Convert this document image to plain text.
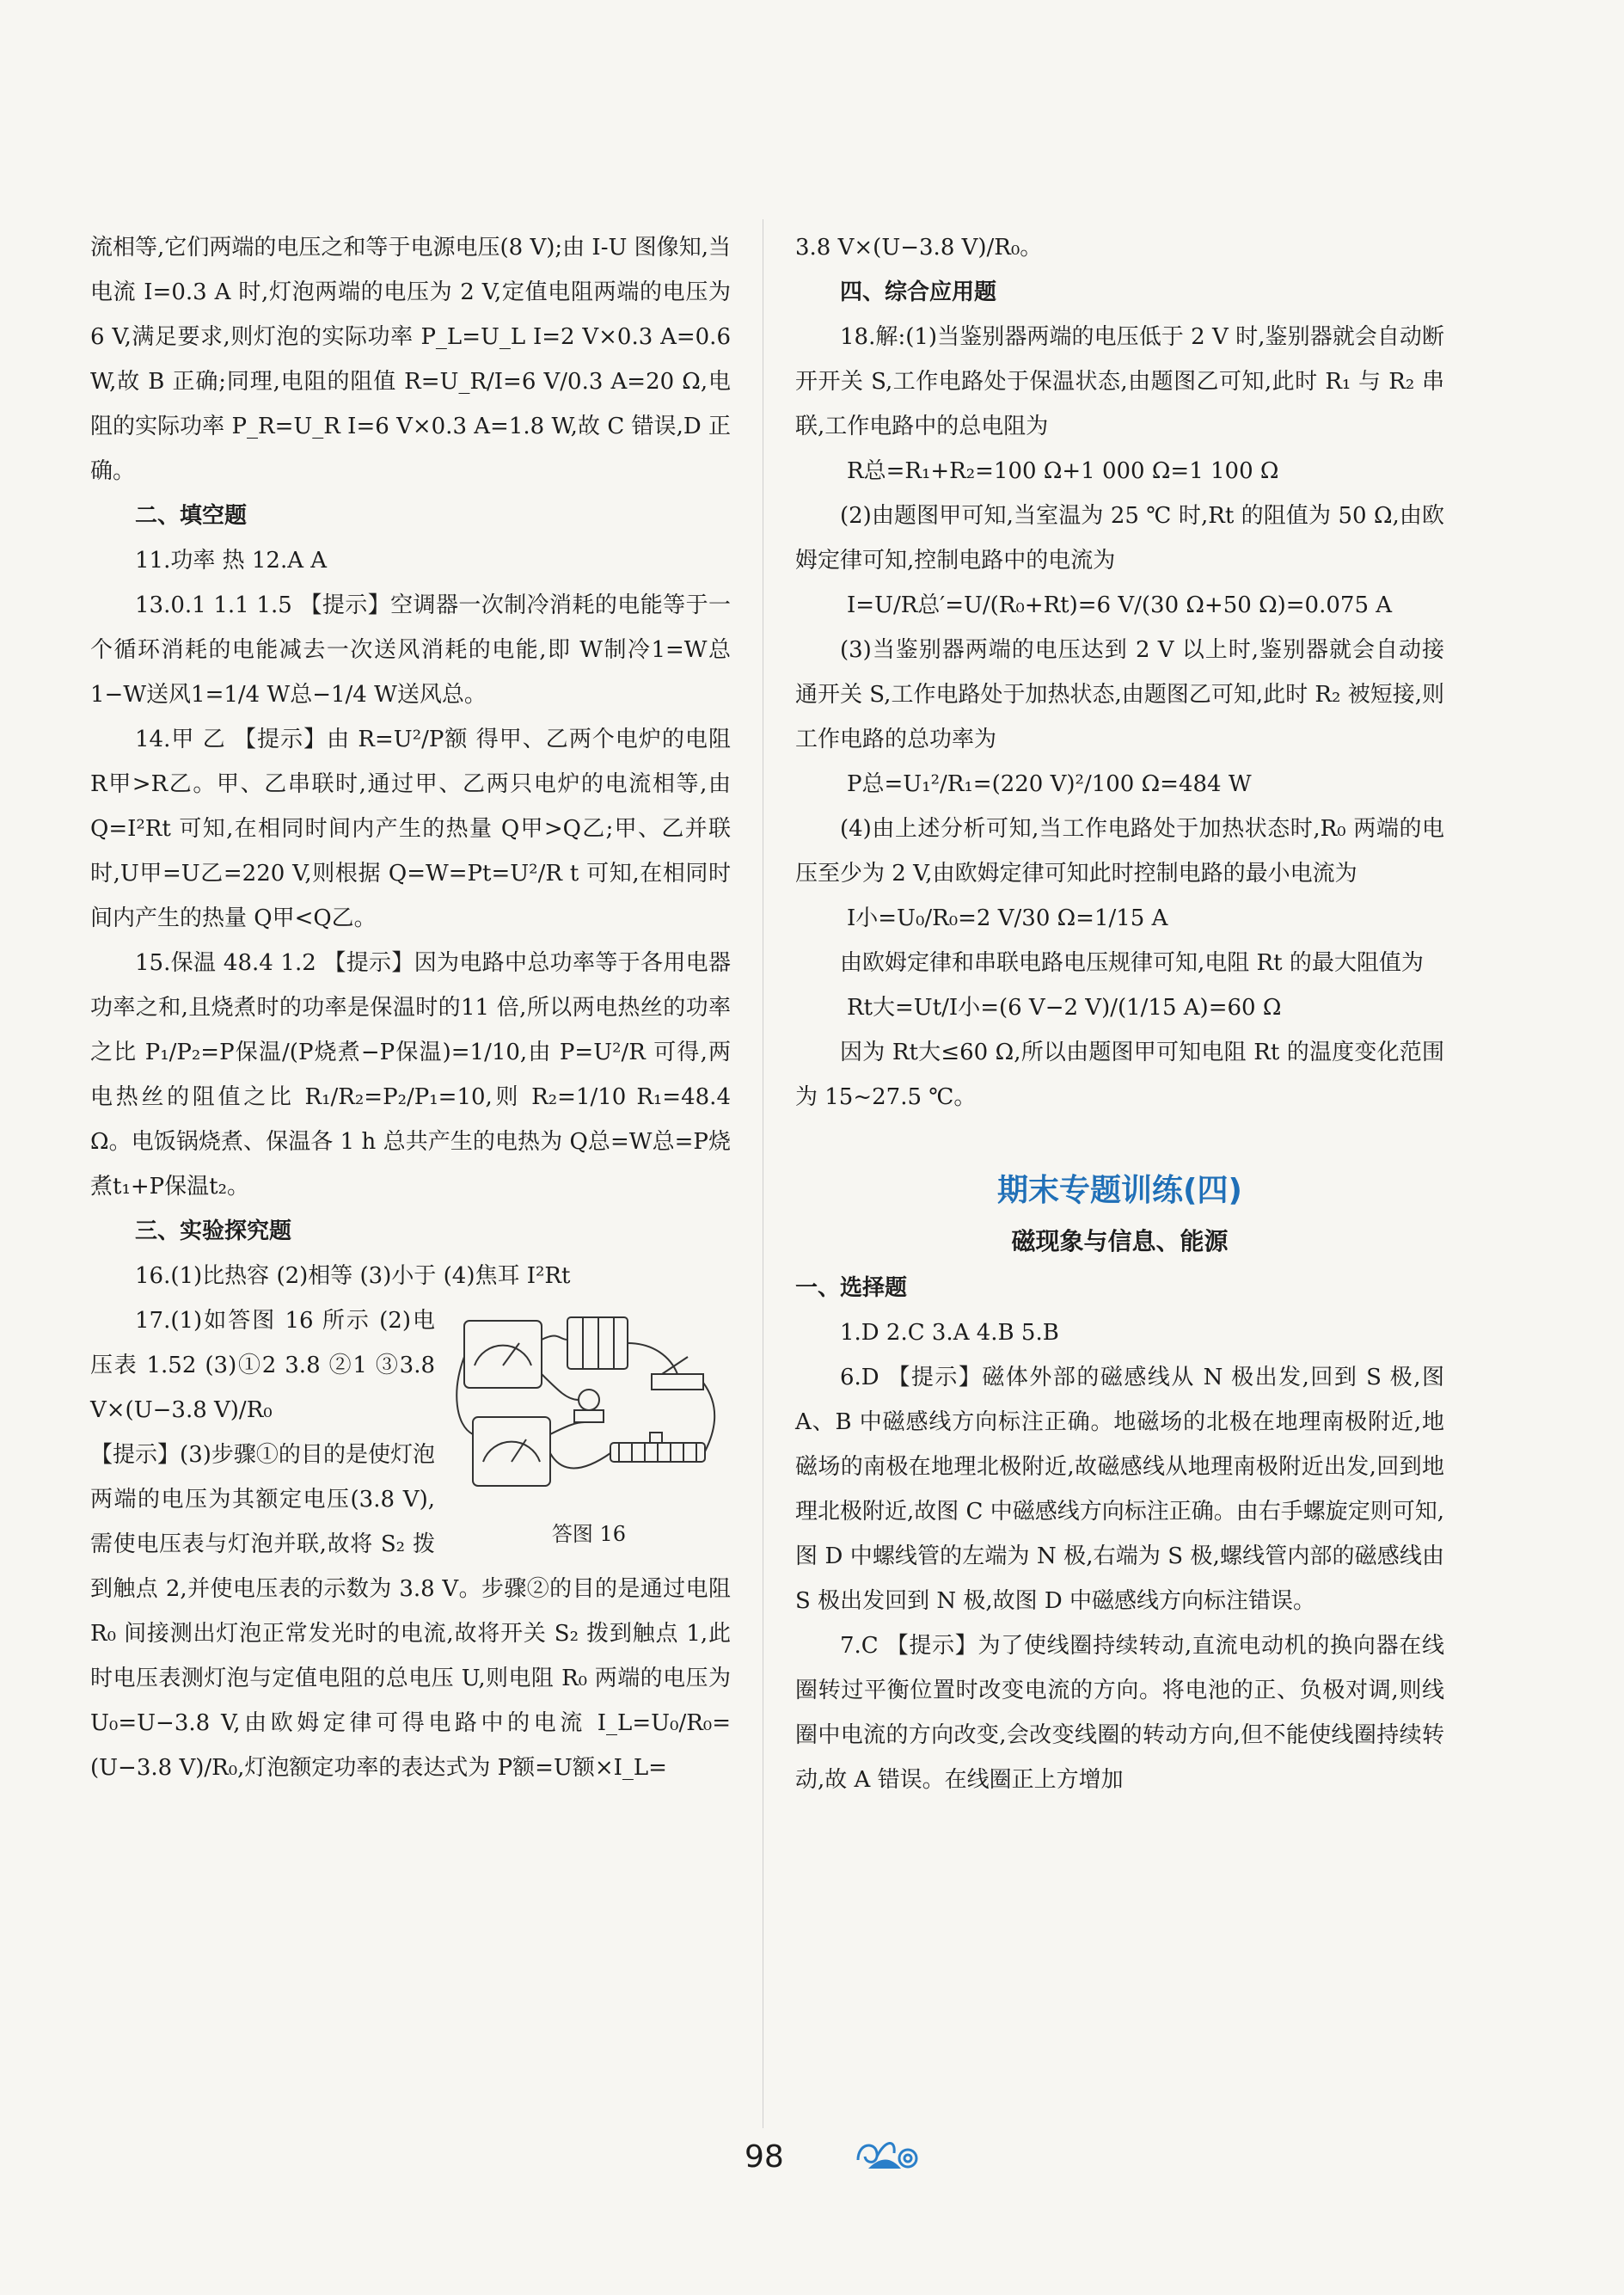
流相等,它们两端的电压之和等于电源电压(8 V);由 I-U 图像知,当电流 I=0.3 A 时,灯泡两端的电压为 2 V,定值电阻两端的电压为 6 V,满足要求,则灯泡的实际功率 P_L=U_L I=2 V×0.3 A=0.6 W,故 B 正确;同理,电阻的阻值 R=U_R/I=6 V/0.3 A=20 Ω,电阻的实际功率 P_R=U_R I=6 V×0.3 A=1.8 W,故 C 错误,D 正确。

二、填空题

11.功率 热 12.A A

13.0.1 1.1 1.5 【提示】空调器一次制冷消耗的电能等于一个循环消耗的电能减去一次送风消耗的电能,即 W制冷1=W总1−W送风1=1/4 W总−1/4 W送风总。

14.甲 乙 【提示】由 R=U²/P额 得甲、乙两个电炉的电阻 R甲>R乙。甲、乙串联时,通过甲、乙两只电炉的电流相等,由 Q=I²Rt 可知,在相同时间内产生的热量 Q甲>Q乙;甲、乙并联时,U甲=U乙=220 V,则根据 Q=W=Pt=U²/R t 可知,在相同时间内产生的热量 Q甲<Q乙。

15.保温 48.4 1.2 【提示】因为电路中总功率等于各用电器功率之和,且烧煮时的功率是保温时的11 倍,所以两电热丝的功率之比 P₁/P₂=P保温/(P烧煮−P保温)=1/10,由 P=U²/R 可得,两电热丝的阻值之比 R₁/R₂=P₂/P₁=10,则 R₂=1/10 R₁=48.4 Ω。电饭锅烧煮、保温各 1 h 总共产生的电热为 Q总=W总=P烧煮t₁+P保温t₂。

三、实验探究题

16.(1)比热容 (2)相等 (3)小于 (4)焦耳 I²Rt

答图 16

17.(1)如答图 16 所示 (2)电压表 1.52 (3)①2 3.8 ②1 ③3.8 V×(U−3.8 V)/R₀

【提示】(3)步骤①的目的是使灯泡两端的电压为其额定电压(3.8 V),需使电压表与灯泡并联,故将 S₂ 拨到触点 2,并使电压表的示数为 3.8 V。步骤②的目的是通过电阻 R₀ 间接测出灯泡正常发光时的电流,故将开关 S₂ 拨到触点 1,此时电压表测灯泡与定值电阻的总电压 U,则电阻 R₀ 两端的电压为 U₀=U−3.8 V,由欧姆定律可得电路中的电流 I_L=U₀/R₀=(U−3.8 V)/R₀,灯泡额定功率的表达式为 P额=U额×I_L=

3.8 V×(U−3.8 V)/R₀。

四、综合应用题

18.解:(1)当鉴别器两端的电压低于 2 V 时,鉴别器就会自动断开开关 S,工作电路处于保温状态,由题图乙可知,此时 R₁ 与 R₂ 串联,工作电路中的总电阻为

R总=R₁+R₂=100 Ω+1 000 Ω=1 100 Ω

(2)由题图甲可知,当室温为 25 ℃ 时,Rt 的阻值为 50 Ω,由欧姆定律可知,控制电路中的电流为

I=U/R总′=U/(R₀+Rt)=6 V/(30 Ω+50 Ω)=0.075 A

(3)当鉴别器两端的电压达到 2 V 以上时,鉴别器就会自动接通开关 S,工作电路处于加热状态,由题图乙可知,此时 R₂ 被短接,则工作电路的总功率为

P总=U₁²/R₁=(220 V)²/100 Ω=484 W

(4)由上述分析可知,当工作电路处于加热状态时,R₀ 两端的电压至少为 2 V,由欧姆定律可知此时控制电路的最小电流为

I小=U₀/R₀=2 V/30 Ω=1/15 A

由欧姆定律和串联电路电压规律可知,电阻 Rt 的最大阻值为

Rt大=Ut/I小=(6 V−2 V)/(1/15 A)=60 Ω

因为 Rt大≤60 Ω,所以由题图甲可知电阻 Rt 的温度变化范围为 15~27.5 ℃。

期末专题训练(四)
磁现象与信息、能源

一、选择题

1.D 2.C 3.A 4.B 5.B

6.D 【提示】磁体外部的磁感线从 N 极出发,回到 S 极,图 A、B 中磁感线方向标注正确。地磁场的北极在地理南极附近,地磁场的南极在地理北极附近,故磁感线从地理南极附近出发,回到地理北极附近,故图 C 中磁感线方向标注正确。由右手螺旋定则可知,图 D 中螺线管的左端为 N 极,右端为 S 极,螺线管内部的磁感线由 S 极出发回到 N 极,故图 D 中磁感线方向标注错误。

7.C 【提示】为了使线圈持续转动,直流电动机的换向器在线圈转过平衡位置时改变电流的方向。将电池的正、负极对调,则线圈中电流的方向改变,会改变线圈的转动方向,但不能使线圈持续转动,故 A 错误。在线圈正上方增加

98
